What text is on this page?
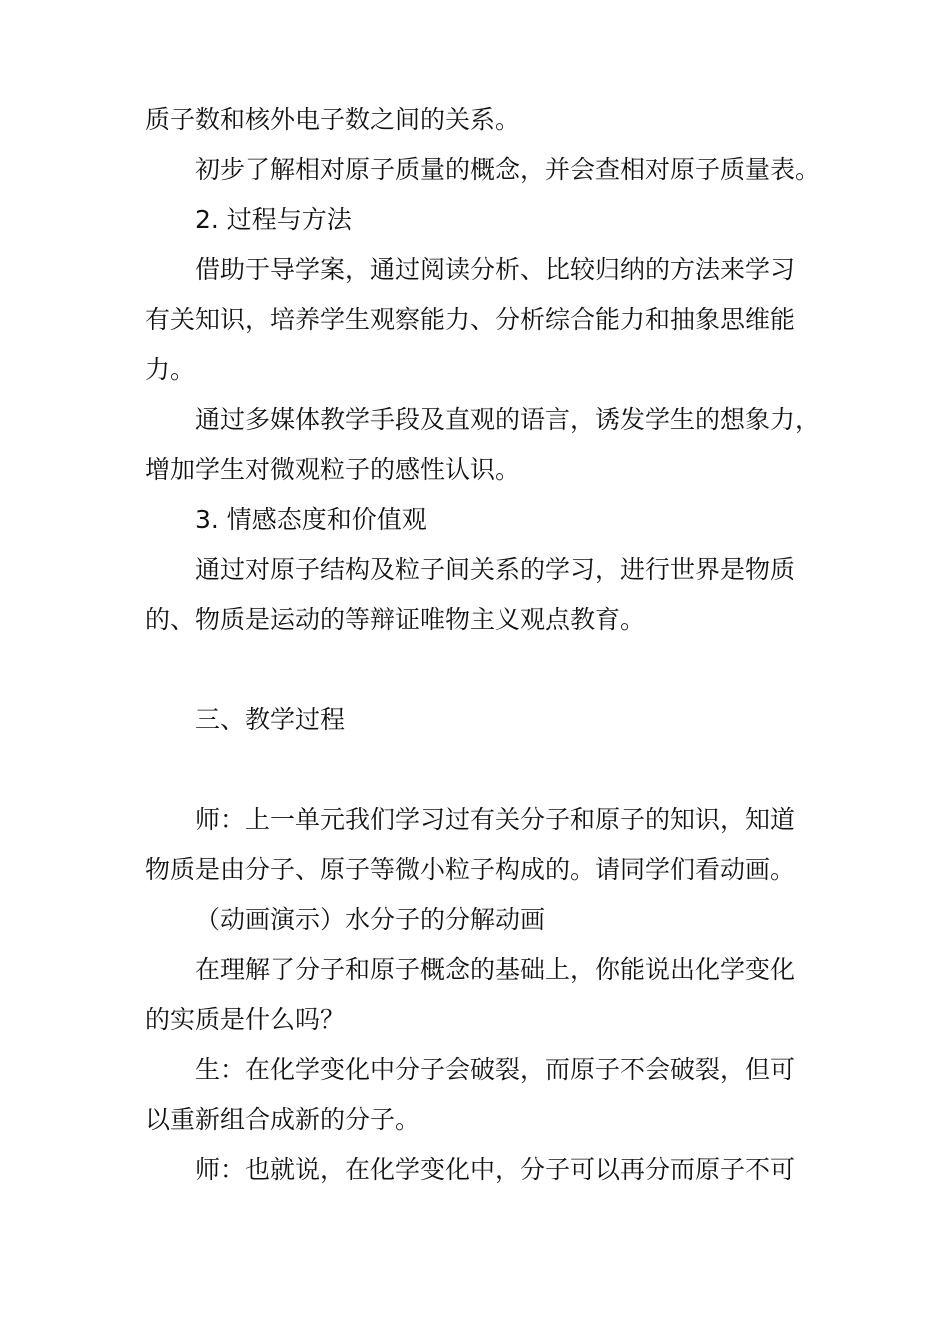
质子数和核外电子数之间的关系。
初步了解相对原子质量的概念，并会查相对原子质量表。
2. 过程与方法
借助于导学案，通过阅读分析、比较归纳的方法来学习
有关知识，培养学生观察能力、分析综合能力和抽象思维能
力。
通过多媒体教学手段及直观的语言，诱发学生的想象力，
增加学生对微观粒子的感性认识。
3. 情感态度和价值观
通过对原子结构及粒子间关系的学习，进行世界是物质
的、物质是运动的等辩证唯物主义观点教育。
三、教学过程
师：上一单元我们学习过有关分子和原子的知识，知道
物质是由分子、原子等微小粒子构成的。请同学们看动画。
（动画演示）水分子的分解动画
在理解了分子和原子概念的基础上，你能说出化学变化
的实质是什么吗？
生：在化学变化中分子会破裂，而原子不会破裂，但可
以重新组合成新的分子。
师：也就说，在化学变化中，分子可以再分而原子不可
